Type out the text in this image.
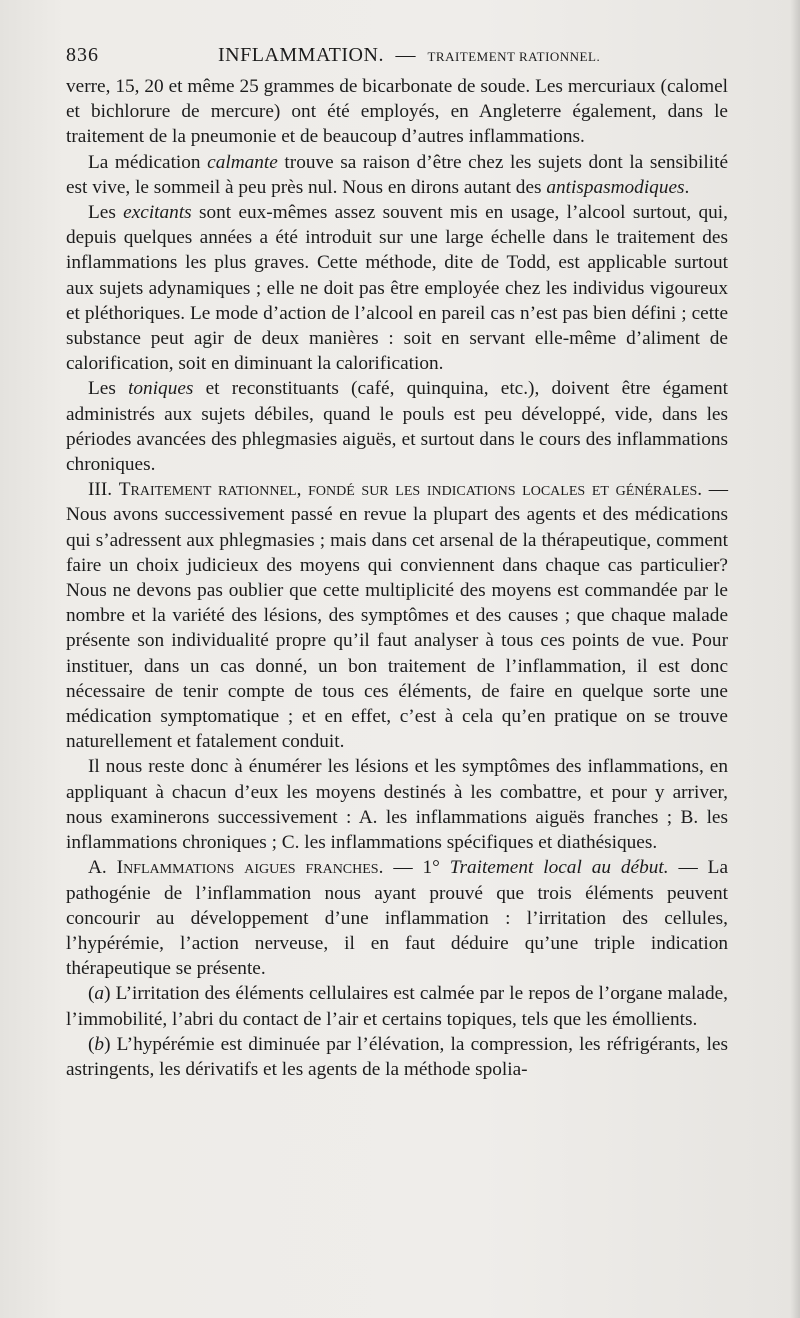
836	INFLAMMATION. — TRAITEMENT RATIONNEL.

verre, 15, 20 et même 25 grammes de bicarbonate de soude. Les mercuriaux (calomel et bichlorure de mercure) ont été employés, en Angleterre également, dans le traitement de la pneumonie et de beaucoup d’autres inflammations.

La médication calmante trouve sa raison d’être chez les sujets dont la sensibilité est vive, le sommeil à peu près nul. Nous en dirons autant des antispasmodiques.

Les excitants sont eux-mêmes assez souvent mis en usage, l’alcool surtout, qui, depuis quelques années a été introduit sur une large échelle dans le traitement des inflammations les plus graves. Cette méthode, dite de Todd, est applicable surtout aux sujets adynamiques ; elle ne doit pas être employée chez les individus vigoureux et pléthoriques. Le mode d’action de l’alcool en pareil cas n’est pas bien défini ; cette substance peut agir de deux manières : soit en servant elle-même d’aliment de calorification, soit en diminuant la calorification.

Les toniques et reconstituants (café, quinquina, etc.), doivent être égament administrés aux sujets débiles, quand le pouls est peu développé, vide, dans les périodes avancées des phlegmasies aiguës, et surtout dans le cours des inflammations chroniques.

III. Traitement rationnel, fondé sur les indications locales et générales. — Nous avons successivement passé en revue la plupart des agents et des médications qui s’adressent aux phlegmasies ; mais dans cet arsenal de la thérapeutique, comment faire un choix judicieux des moyens qui conviennent dans chaque cas particulier? Nous ne devons pas oublier que cette multiplicité des moyens est commandée par le nombre et la variété des lésions, des symptômes et des causes ; que chaque malade présente son individualité propre qu’il faut analyser à tous ces points de vue. Pour instituer, dans un cas donné, un bon traitement de l’inflammation, il est donc nécessaire de tenir compte de tous ces éléments, de faire en quelque sorte une médication symptomatique ; et en effet, c’est à cela qu’en pratique on se trouve naturellement et fatalement conduit.

Il nous reste donc à énumérer les lésions et les symptômes des inflammations, en appliquant à chacun d’eux les moyens destinés à les combattre, et pour y arriver, nous examinerons successivement : A. les inflammations aiguës franches ; B. les inflammations chroniques ; C. les inflammations spécifiques et diathésiques.

A. Inflammations aigues franches. — 1° Traitement local au début. — La pathogénie de l’inflammation nous ayant prouvé que trois éléments peuvent concourir au développement d’une inflammation : l’irritation des cellules, l’hypérémie, l’action nerveuse, il en faut déduire qu’une triple indication thérapeutique se présente.

(a) L’irritation des éléments cellulaires est calmée par le repos de l’organe malade, l’immobilité, l’abri du contact de l’air et certains topiques, tels que les émollients.

(b) L’hypérémie est diminuée par l’élévation, la compression, les réfrigérants, les astringents, les dérivatifs et les agents de la méthode spolia-
